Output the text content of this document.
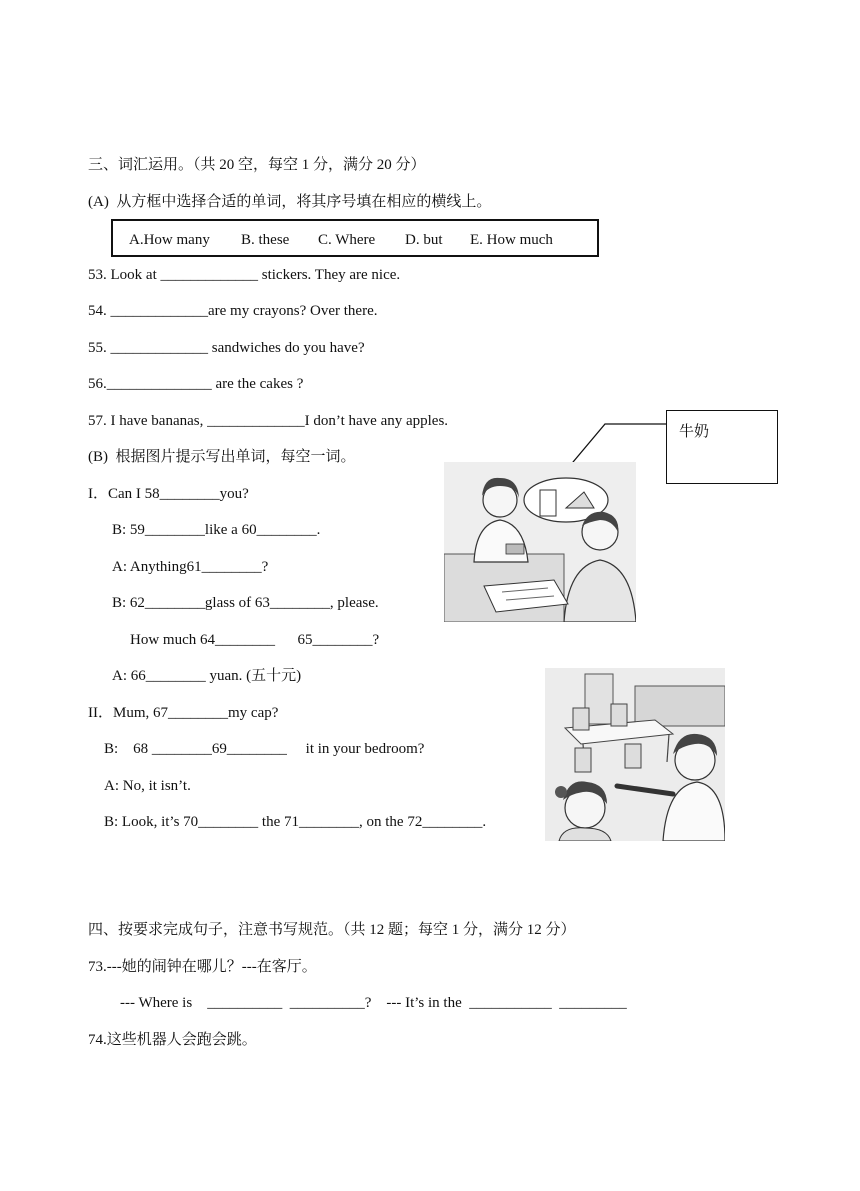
三、词汇运用。（共 20 空，每空 1 分，满分 20 分）
(A)  从方框中选择合适的单词，将其序号填在相应的横线上。
A.How many B. these C. Where D. but E. How much
53. Look at _____________ stickers. They are nice.
54. _____________are my crayons? Over there.
55. _____________ sandwiches do you have?
56.______________ are the cakes ?
57. I have bananas, _____________I don’t have any apples.
(B)  根据图片提示写出单词，每空一词。
牛奶
I．Can I 58________you?
B: 59________like a 60________.
A: Anything61________?
B: 62________glass of 63________, please.
How much 64________      65________?
A: 66________ yuan. (五十元)
II．Mum, 67________my cap?
B:    68 ________69________     it in your bedroom?
A: No, it isn’t.
B: Look, it’s 70________ the 71________, on the 72________.
四、按要求完成句子，注意书写规范。（共 12 题；每空 1 分，满分 12 分）
73.---她的闹钟在哪儿？---在客厅。
--- Where is    __________  __________?    --- It’s in the  ___________  _________
74.这些机器人会跑会跳。
